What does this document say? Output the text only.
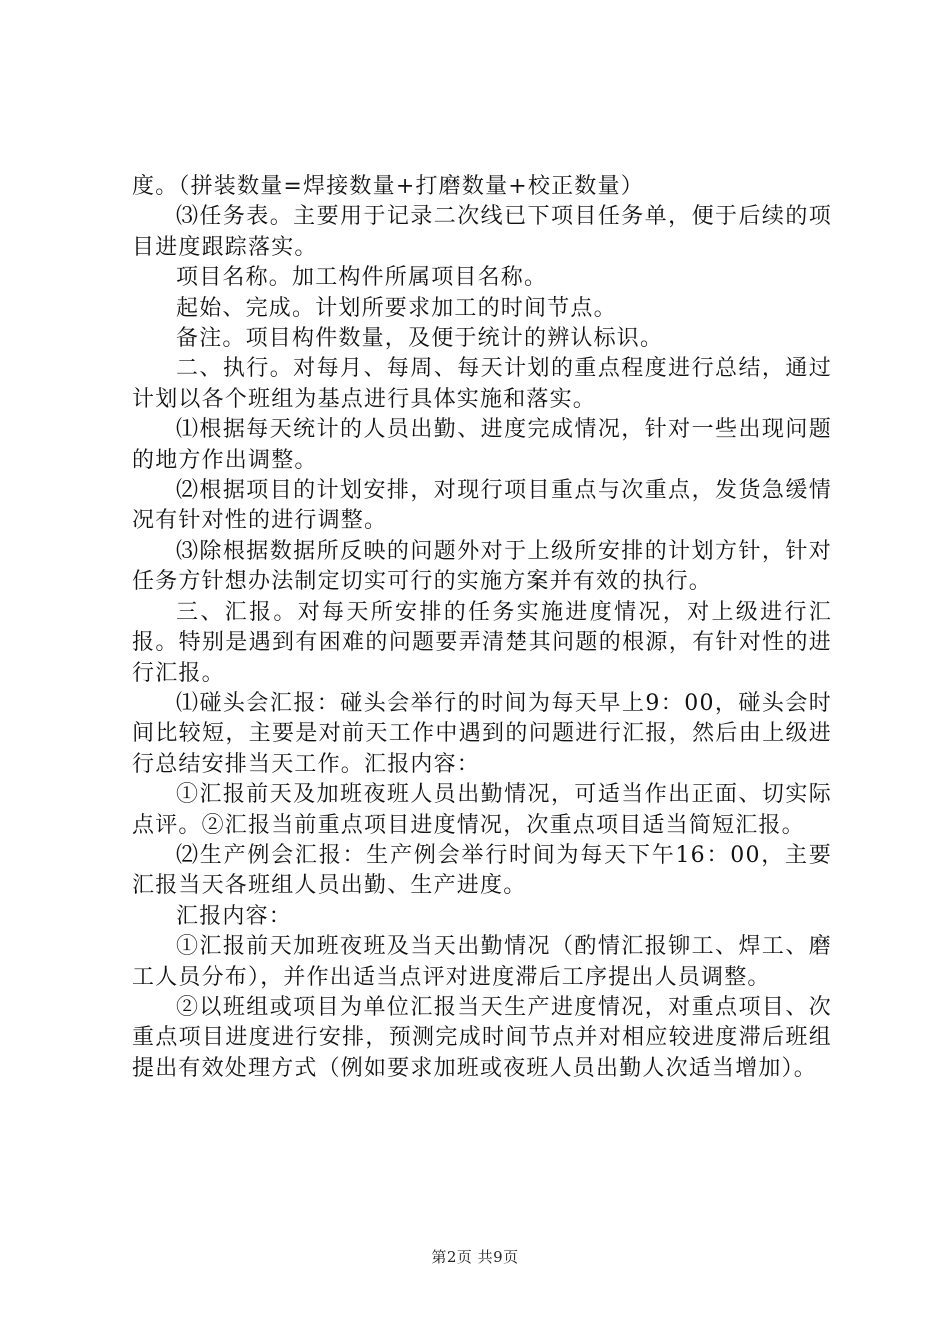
度。（拼装数量=焊接数量+打磨数量+校正数量）

⑶任务表。主要用于记录二次线已下项目任务单，便于后续的项目进度跟踪落实。

项目名称。加工构件所属项目名称。

起始、完成。计划所要求加工的时间节点。

备注。项目构件数量，及便于统计的辨认标识。

二、执行。对每月、每周、每天计划的重点程度进行总结，通过计划以各个班组为基点进行具体实施和落实。

⑴根据每天统计的人员出勤、进度完成情况，针对一些出现问题的地方作出调整。

⑵根据项目的计划安排，对现行项目重点与次重点，发货急缓情况有针对性的进行调整。

⑶除根据数据所反映的问题外对于上级所安排的计划方针，针对任务方针想办法制定切实可行的实施方案并有效的执行。

三、汇报。对每天所安排的任务实施进度情况，对上级进行汇报。特别是遇到有困难的问题要弄清楚其问题的根源，有针对性的进行汇报。

⑴碰头会汇报：碰头会举行的时间为每天早上9：00，碰头会时间比较短，主要是对前天工作中遇到的问题进行汇报，然后由上级进行总结安排当天工作。汇报内容：

①汇报前天及加班夜班人员出勤情况，可适当作出正面、切实际点评。②汇报当前重点项目进度情况，次重点项目适当简短汇报。

⑵生产例会汇报：生产例会举行时间为每天下午16：00，主要汇报当天各班组人员出勤、生产进度。

汇报内容：

①汇报前天加班夜班及当天出勤情况（酌情汇报铆工、焊工、磨工人员分布），并作出适当点评对进度滞后工序提出人员调整。

②以班组或项目为单位汇报当天生产进度情况，对重点项目、次重点项目进度进行安排，预测完成时间节点并对相应较进度滞后班组提出有效处理方式（例如要求加班或夜班人员出勤人次适当增加）。

第2页 共9页
